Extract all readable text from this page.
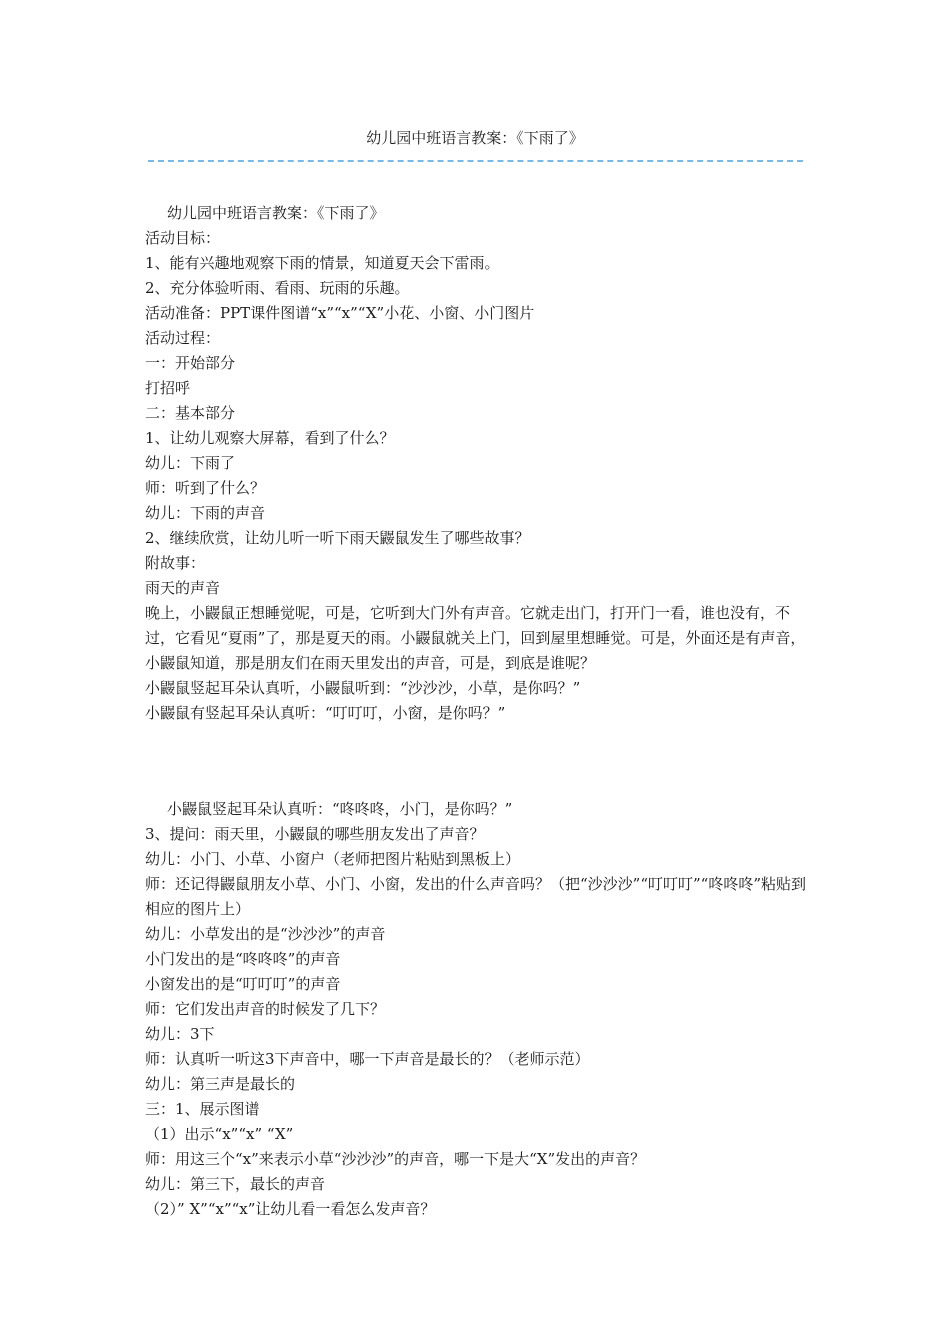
幼儿园中班语言教案：《下雨了》

幼儿园中班语言教案：《下雨了》

活动目标：

1、能有兴趣地观察下雨的情景，知道夏天会下雷雨。

2、充分体验听雨、看雨、玩雨的乐趣。

活动准备：PPT课件图谱“x”“x”“X”小花、小窗、小门图片

活动过程：

一：开始部分

打招呼

二：基本部分

1、让幼儿观察大屏幕，看到了什么？

幼儿：下雨了

师：听到了什么？

幼儿：下雨的声音

2、继续欣赏，让幼儿听一听下雨天鼹鼠发生了哪些故事？

附故事：

雨天的声音

晚上，小鼹鼠正想睡觉呢，可是，它听到大门外有声音。它就走出门，打开门一看，谁也没有，不过，它看见“夏雨”了，那是夏天的雨。小鼹鼠就关上门，回到屋里想睡觉。可是，外面还是有声音，小鼹鼠知道，那是朋友们在雨天里发出的声音，可是，到底是谁呢？

小鼹鼠竖起耳朵认真听，小鼹鼠听到：“沙沙沙，小草，是你吗？”

小鼹鼠有竖起耳朵认真听：“叮叮叮，小窗，是你吗？”

小鼹鼠竖起耳朵认真听：“咚咚咚，小门，是你吗？”

3、提问：雨天里，小鼹鼠的哪些朋友发出了声音？

幼儿：小门、小草、小窗户（老师把图片粘贴到黑板上）

师：还记得鼹鼠朋友小草、小门、小窗，发出的什么声音吗？（把“沙沙沙”“叮叮叮”“咚咚咚”粘贴到相应的图片上）

幼儿：小草发出的是“沙沙沙”的声音

小门发出的是“咚咚咚”的声音

小窗发出的是“叮叮叮”的声音

师：它们发出声音的时候发了几下？

幼儿：3下

师：认真听一听这3下声音中，哪一下声音是最长的？（老师示范）

幼儿：第三声是最长的

三：1、展示图谱

（1）出示“x”“x” “X”

师：用这三个“x”来表示小草“沙沙沙”的声音，哪一下是大“X”发出的声音？

幼儿：第三下，最长的声音

（2）” X”“x”“x”让幼儿看一看怎么发声音？
